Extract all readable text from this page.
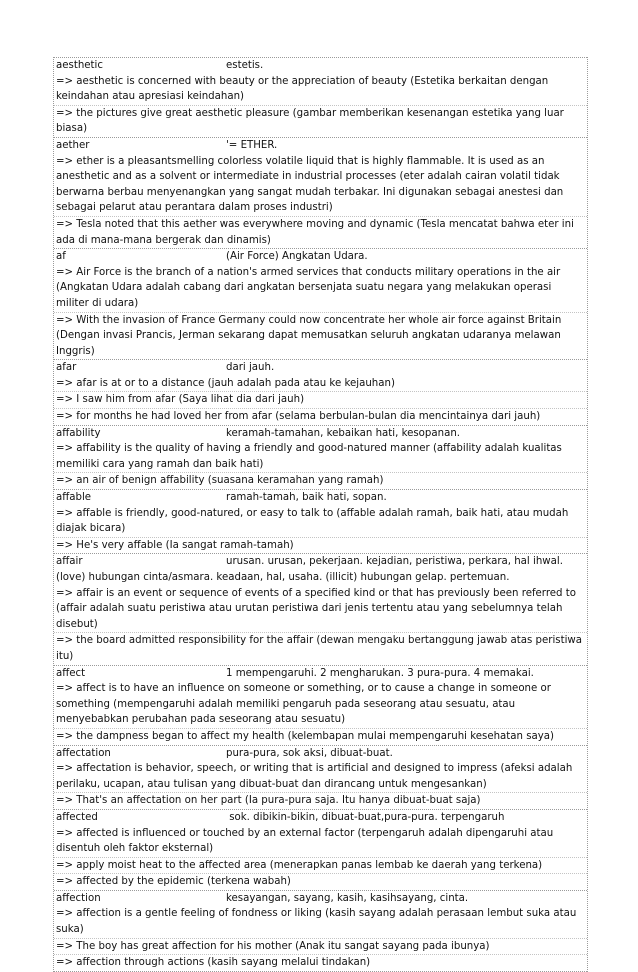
aesthetic	estetis.
=> aesthetic is concerned with beauty or the appreciation of beauty (Estetika berkaitan dengan keindahan atau apresiasi keindahan)
=> the pictures give great aesthetic pleasure (gambar memberikan kesenangan estetika yang luar biasa)
aether	'= ETHER.
=> ether is a pleasantsmelling colorless volatile liquid that is highly flammable. It is used as an anesthetic and as a solvent or intermediate in industrial processes (eter adalah cairan volatil tidak berwarna berbau menyenangkan yang sangat mudah terbakar. Ini digunakan sebagai anestesi dan sebagai pelarut atau perantara dalam proses industri)
=> Tesla noted that this aether was everywhere moving and dynamic (Tesla mencatat bahwa eter ini ada di mana-mana bergerak dan dinamis)
af	(Air Force) Angkatan Udara.
=> Air Force is the branch of a nation's armed services that conducts military operations in the air (Angkatan Udara adalah cabang dari angkatan bersenjata suatu negara yang melakukan operasi militer di udara)
=> With the invasion of France Germany could now concentrate her whole air force against Britain (Dengan invasi Prancis, Jerman sekarang dapat memusatkan seluruh angkatan udaranya melawan Inggris)
afar	dari jauh.
=> afar is at or to a distance (jauh adalah pada atau ke kejauhan)
=> I saw him from afar (Saya lihat dia dari jauh)
=> for months he had loved her from afar (selama berbulan-bulan dia mencintainya dari jauh)
affability	keramah-tamahan, kebaikan hati, kesopanan.
=> affability is the quality of having a friendly and good-natured manner (affability adalah kualitas memiliki cara yang ramah dan baik hati)
=> an air of benign affability (suasana keramahan yang ramah)
affable	ramah-tamah, baik hati, sopan.
=> affable is friendly, good-natured, or easy to talk to (affable adalah ramah, baik hati, atau mudah diajak bicara)
=> He's very affable (Ia sangat ramah-tamah)
affair	urusan. urusan, pekerjaan. kejadian, peristiwa, perkara, hal ihwal. (love) hubungan cinta/asmara. keadaan, hal, usaha. (illicit) hubungan gelap. pertemuan.
=> affair is an event or sequence of events of a specified kind or that has previously been referred to (affair adalah suatu peristiwa atau urutan peristiwa dari jenis tertentu atau yang sebelumnya telah disebut)
=> the board admitted responsibility for the affair (dewan mengaku bertanggung jawab atas peristiwa itu)
affect	1 mempengaruhi. 2 mengharukan. 3 pura-pura. 4 memakai.
=> affect is to have an influence on someone or something, or to cause a change in someone or something (mempengaruhi adalah memiliki pengaruh pada seseorang atau sesuatu, atau menyebabkan perubahan pada seseorang atau sesuatu)
=> the dampness began to affect my health (kelembapan mulai mempengaruhi kesehatan saya)
affectation	pura-pura, sok aksi, dibuat-buat.
=> affectation is behavior, speech, or writing that is artificial and designed to impress (afeksi adalah perilaku, ucapan, atau tulisan yang dibuat-buat dan dirancang untuk mengesankan)
=> That's an affectation on her part (Ia pura-pura saja. Itu hanya dibuat-buat saja)
affected	sok. dibikin-bikin, dibuat-buat,pura-pura. terpengaruh
=> affected is influenced or touched by an external factor (terpengaruh adalah dipengaruhi atau disentuh oleh faktor eksternal)
=> apply moist heat to the affected area (menerapkan panas lembab ke daerah yang terkena)
=> affected by the epidemic (terkena wabah)
affection	kesayangan, sayang, kasih, kasihsayang, cinta.
=> affection is a gentle feeling of fondness or liking (kasih sayang adalah perasaan lembut suka atau suka)
=> The boy has great affection for his mother (Anak itu sangat sayang pada ibunya)
=> affection through actions (kasih sayang melalui tindakan)
